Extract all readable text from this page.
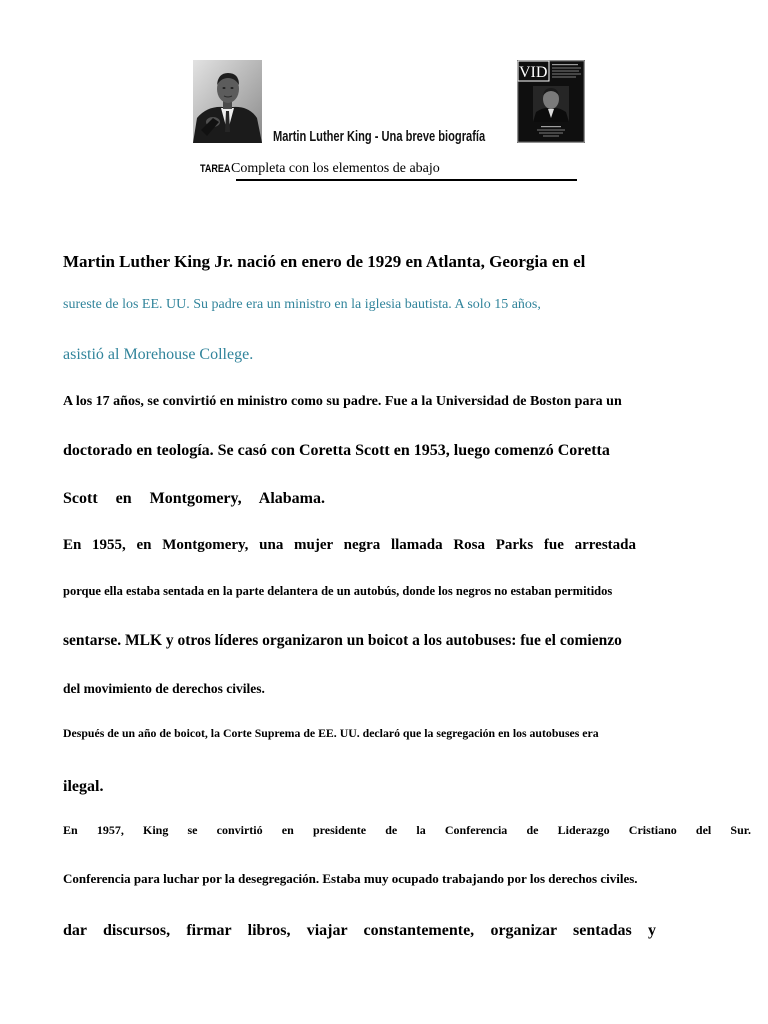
VID
Martin Luther King - Una breve biografía
TAREA Completa con los elementos de abajo
Martin Luther King Jr. nació en enero de 1929 en Atlanta, Georgia en el
sureste de los EE. UU. Su padre era un ministro en la iglesia bautista. A solo 15 años,
asistió al Morehouse College.
A los 17 años, se convirtió en ministro como su padre. Fue a la Universidad de Boston para un
doctorado en teología. Se casó con Coretta Scott en 1953, luego comenzó Coretta
Scott en Montgomery, Alabama.
En 1955, en Montgomery, una mujer negra llamada Rosa Parks fue arrestada
porque ella estaba sentada en la parte delantera de un autobús, donde los negros no estaban permitidos
sentarse. MLK y otros líderes organizaron un boicot a los autobuses: fue el comienzo
del movimiento de derechos civiles.
Después de un año de boicot, la Corte Suprema de EE. UU. declaró que la segregación en los autobuses era
ilegal.
En 1957, King se convirtió en presidente de la Conferencia de Liderazgo Cristiano del Sur.
Conferencia para luchar por la desegregación. Estaba muy ocupado trabajando por los derechos civiles.
dar discursos, firmar libros, viajar constantemente, organizar sentadas y
